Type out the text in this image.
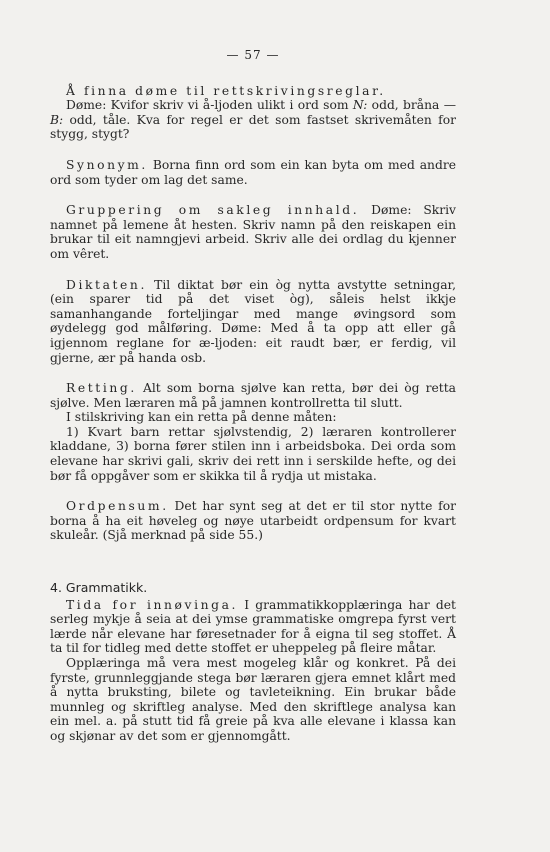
— 57 —

Å finna døme til rettskrivingsreglar.

Døme: Kvifor skriv vi å-ljoden ulikt i ord som N: odd, bråna — B: odd, tåle. Kva for regel er det som fastset skrivemåten for stygg, stygt?

Synonym. Borna finn ord som ein kan byta om med andre ord som tyder om lag det same.

Gruppering om sakleg innhald. Døme: Skriv namnet på lemene åt hesten. Skriv namn på den reiskapen ein brukar til eit namngjevi arbeid. Skriv alle dei ordlag du kjenner om vêret.

Diktaten. Til diktat bør ein òg nytta avstytte setningar, (ein sparer tid på det viset òg), såleis helst ikkje samanhangande forteljingar med mange øvingsord som øydelegg god målføring. Døme: Med å ta opp att eller gå igjennom reglane for æ-ljoden: eit raudt bær, er ferdig, vil gjerne, ær på handa osb.

Retting. Alt som borna sjølve kan retta, bør dei òg retta sjølve. Men læraren må på jamnen kontrollretta til slutt.

I stilskriving kan ein retta på denne måten:

1) Kvart barn rettar sjølvstendig, 2) læraren kontrollerer kladdane, 3) borna fører stilen inn i arbeidsboka. Dei orda som elevane har skrivi gali, skriv dei rett inn i serskilde hefte, og dei bør få oppgåver som er skikka til å rydja ut mistaka.

Ordpensum. Det har synt seg at det er til stor nytte for borna å ha eit høveleg og nøye utarbeidt ordpensum for kvart skuleår. (Sjå merknad på side 55.)

4. Grammatikk.

Tida for innøvinga. I grammatikkopplæringa har det serleg mykje å seia at dei ymse grammatiske omgrepa fyrst vert lærde når elevane har føresetnader for å eigna til seg stoffet. Å ta til for tidleg med dette stoffet er uheppeleg på fleire måtar.

Opplæringa må vera mest mogeleg klår og konkret. På dei fyrste, grunnleggjande stega bør læraren gjera emnet klårt med å nytta bruksting, bilete og tavleteikning. Ein brukar både munnleg og skriftleg analyse. Med den skriftlege analysa kan ein mel. a. på stutt tid få greie på kva alle elevane i klassa kan og skjønar av det som er gjennomgått.
